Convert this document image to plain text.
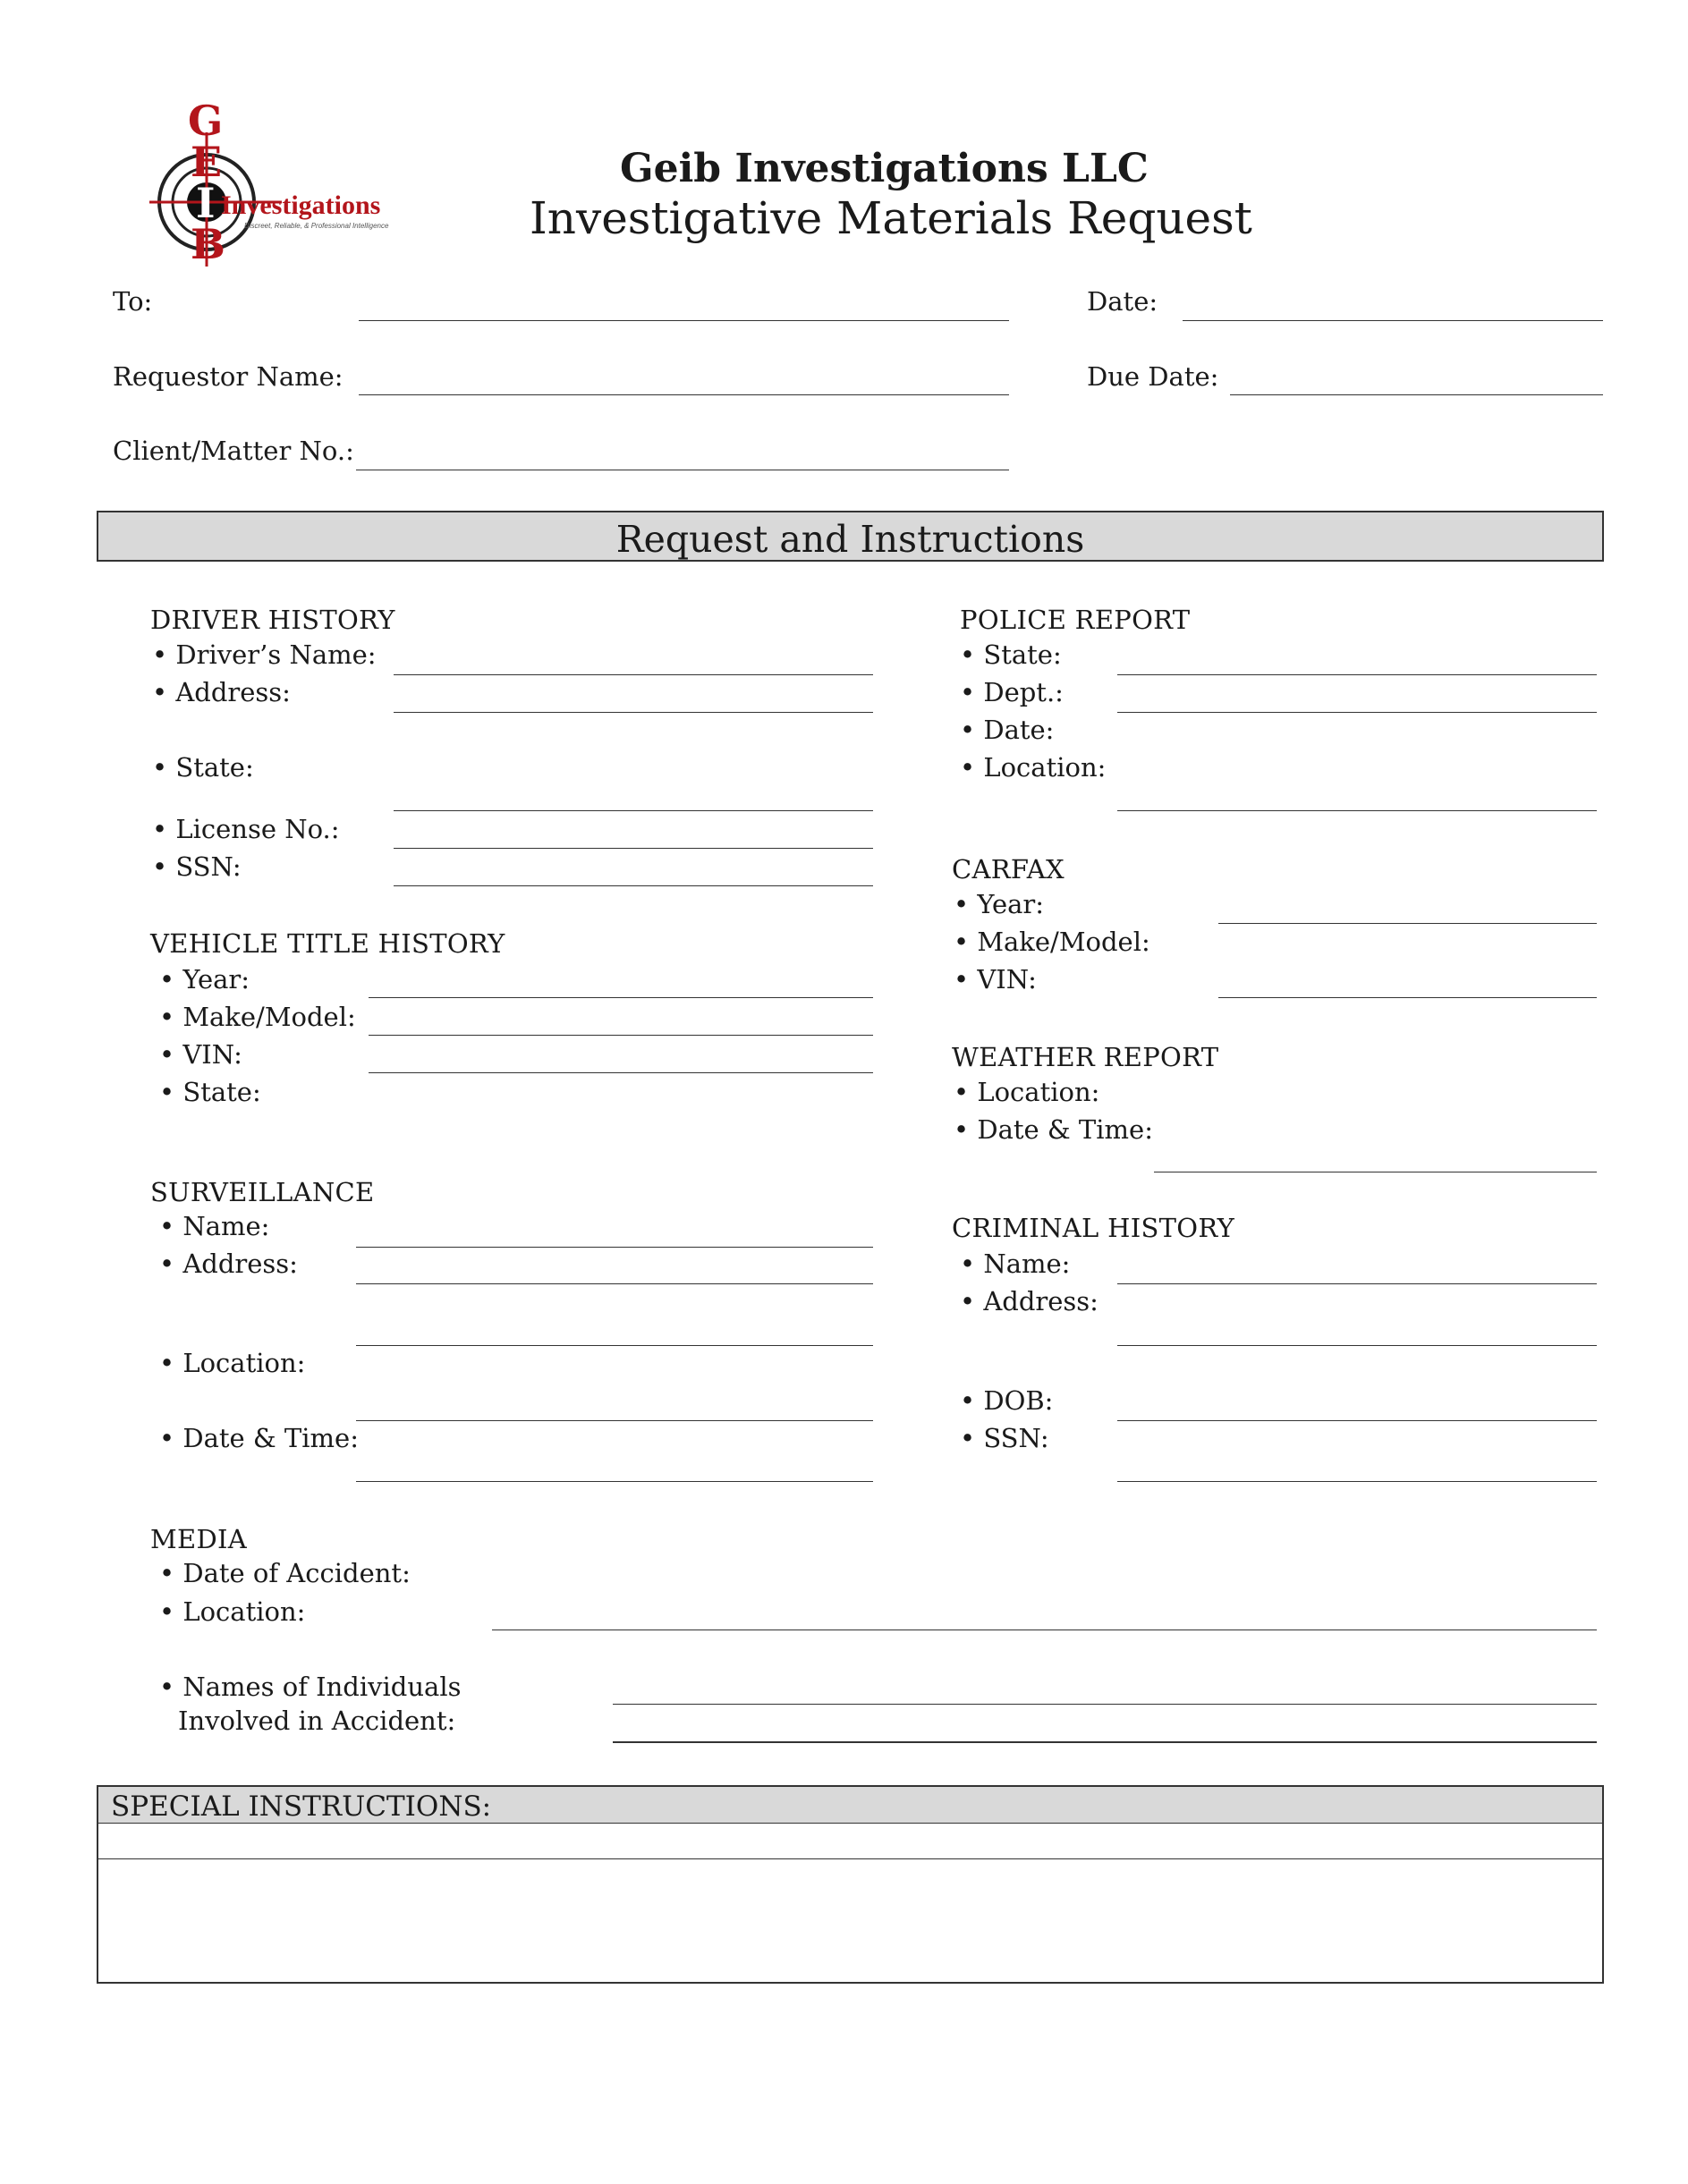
G
E
I
B
Investigations
Discreet, Reliable, & Professional Intelligence
Geib Investigations LLC
Investigative Materials Request
To:	Date:
Requestor Name:	Due Date:
Client/Matter No.:
Request and Instructions
DRIVER HISTORY
• Driver’s Name:
• Address:
• State:
• License No.:
• SSN:
VEHICLE TITLE HISTORY
• Year:
• Make/Model:
• VIN:
• State:
SURVEILLANCE
• Name:
• Address:
• Location:
• Date & Time:
POLICE REPORT
• State:
• Dept.:
• Date:
• Location:
CARFAX
• Year:
• Make/Model:
• VIN:
WEATHER REPORT
• Location:
• Date & Time:
CRIMINAL HISTORY
• Name:
• Address:
• DOB:
• SSN:
MEDIA
• Date of Accident:
• Location:
• Names of Individuals
Involved in Accident:
SPECIAL INSTRUCTIONS:
